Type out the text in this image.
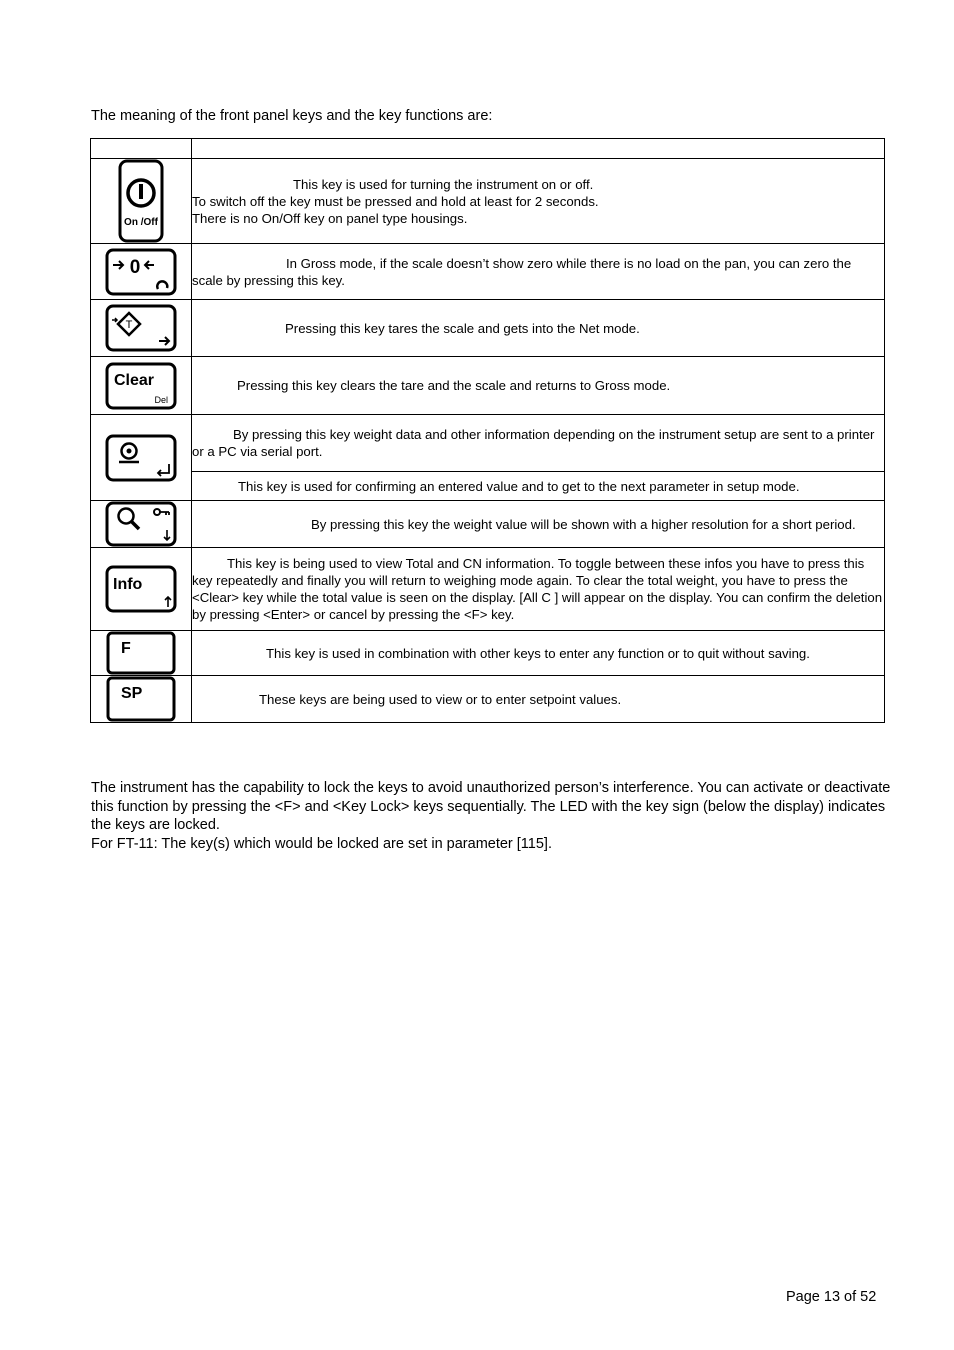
The meaning of the front panel keys and the key functions are:

On /Off	This key is used for turning the instrument on or off.
To switch off the key must be pressed and hold at least for 2 seconds.
There is no On/Off key on panel type housings.

0	In Gross mode, if the scale doesn’t show zero while there is no load on the pan, you can zero the scale by pressing this key.

T	Pressing this key tares the scale and gets into the Net mode.

Clear
Del	Pressing this key clears the tare and the scale and returns to Gross mode.

	By pressing this key weight data and other information depending on the instrument setup are sent to a printer or a PC via serial port.
	This key is used for confirming an entered value and to get to the next parameter in setup mode.

	By pressing this key the weight value will be shown with a higher resolution for a short period.

Info	This key is being used to view Total and CN information. To toggle between these infos you have to press this key repeatedly and finally you will return to weighing mode again. To clear the total weight, you have to press the <Clear> key while the total value is seen on the display. [All C ] will appear on the display. You can confirm the deletion by pressing <Enter> or cancel by pressing the <F> key.

F	This key is used in combination with other keys to enter any function or to quit without saving.

SP	These keys are being used to view or to enter setpoint values.
The instrument has the capability to lock the keys to avoid unauthorized person’s interference. You can activate or deactivate this function by pressing the <F> and <Key Lock> keys sequentially. The LED with the key sign (below the display) indicates the keys are locked.
For FT-11: The key(s) which would be locked are set in parameter [115].
Page 13 of 52
